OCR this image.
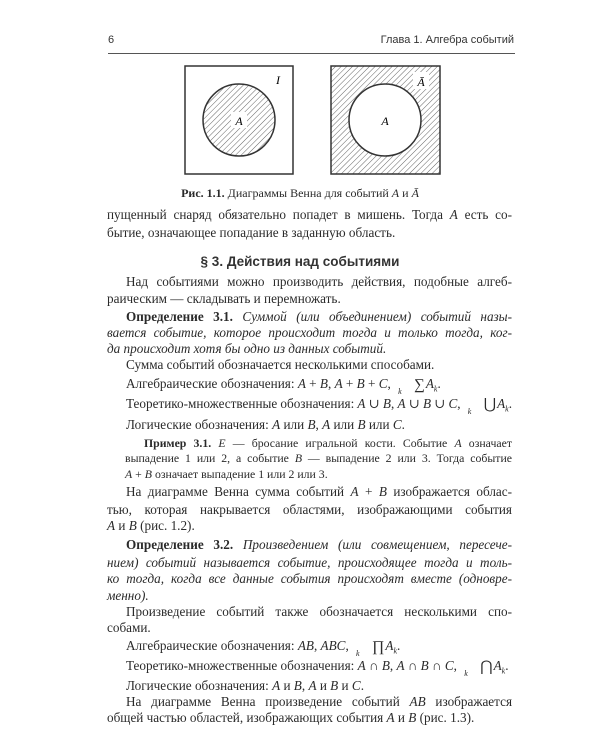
6	Глава 1. Алгебра событий
A
I
A
Ā
Рис. 1.1. Диаграммы Венна для событий A и Ā
§ 3. Действия над событиями
пущенный снаряд обязательно попадет в мишень. Тогда A есть со-
бытие, означающее попадание в заданную область.
Над событиями можно производить действия, подобные алгеб-
раическим — складывать и перемножать.
Определение 3.1. Суммой (или объединением) событий назы-
вается событие, которое происходит тогда и только тогда, ког-
да происходит хотя бы одно из данных событий.
Сумма событий обозначается несколькими способами.
Алгебраические обозначения: A + B, A + B + C, ∑
k
$A_k$.
Теоретико-множественные обозначения: A ∪ B, A ∪ B ∪ C, ⋃
k
$A_k$.
Логические обозначения: A или B, A или B или C.
Пример 3.1. E — бросание игральной кости. Событие A означает
выпадение 1 или 2, а событие B — выпадение 2 или 3. Тогда событие
A + B означает выпадение 1 или 2 или 3.
На диаграмме Венна сумма событий A + B изображается облас-
тью, которая накрывается областями, изображающими события
A и B (рис. 1.2).
Определение 3.2. Произведением (или совмещением, пересече-
нием) событий называется событие, происходящее тогда и толь-
ко тогда, когда все данные события происходят вместе (одновре-
менно).
Произведение событий также обозначается несколькими спо-
собами.
Алгебраические обозначения: AB, ABC, ∏
k
$A_k$.
Теоретико-множественные обозначения: A ∩ B, A ∩ B ∩ C, ⋂
k
$A_k$.
Логические обозначения: A и B, A и B и C.
На диаграмме Венна произведение событий AB изображается
общей частью областей, изображающих события A и B (рис. 1.3).
